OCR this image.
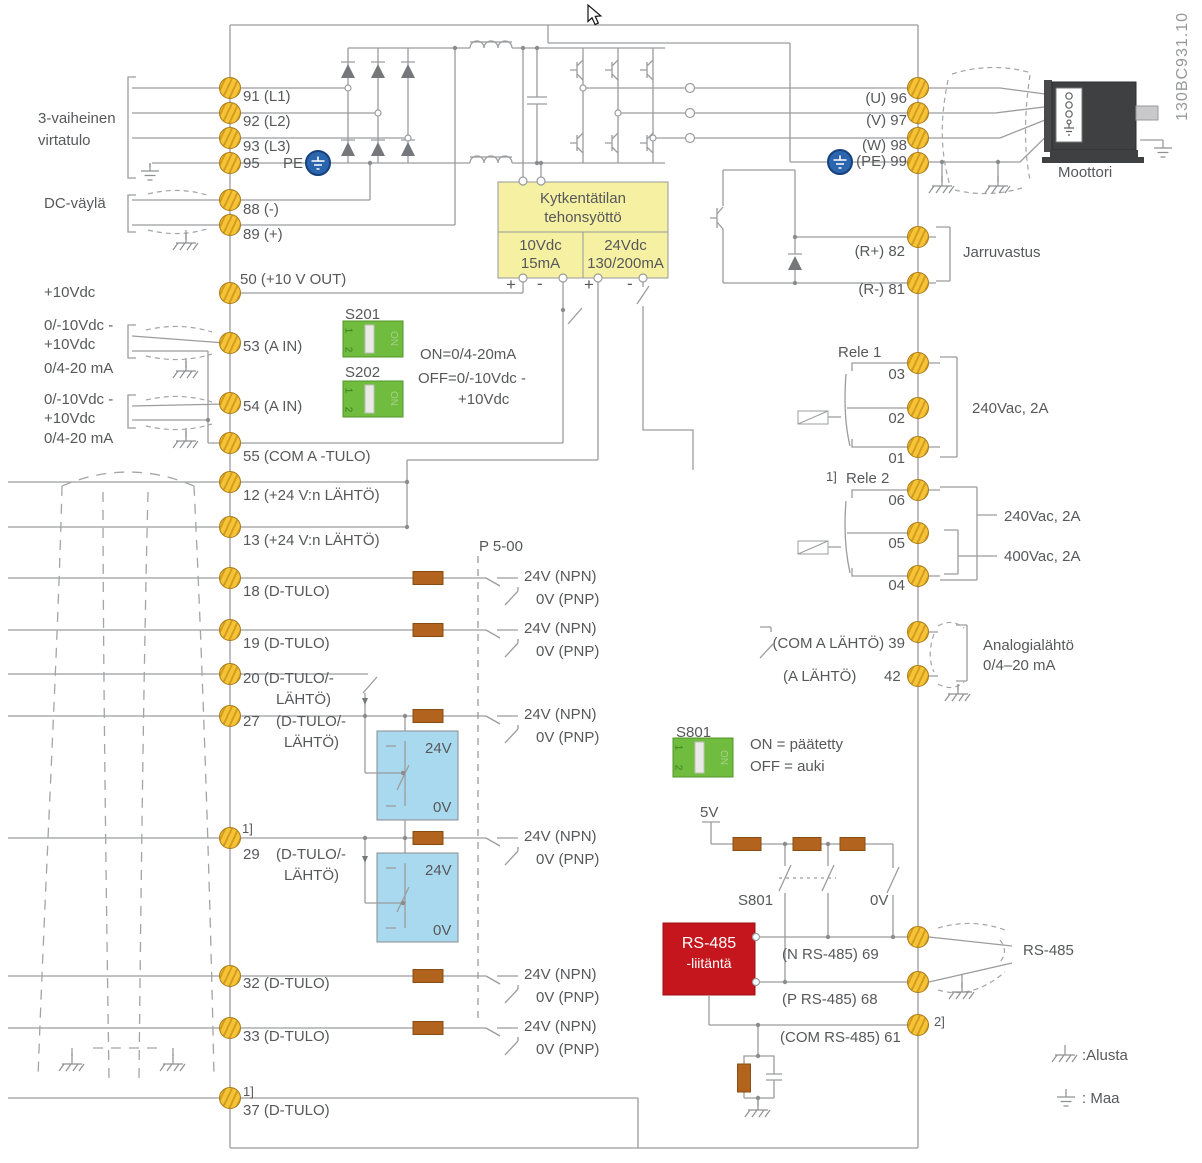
3-vaiheinen
virtatulo
DC-väylä
+10Vdc
0/-10Vdc -
+10Vdc
0/4-20 mA
0/-10Vdc -
+10Vdc
0/4-20 mA
91 (L1)
92 (L2)
93 (L3)
95 PE
88 (-)
89 (+)
50 (+10 V OUT)
53 (A IN)
54 (A IN)
55 (COM A -TULO)
12 (+24 V:n LÄHTÖ)
13 (+24 V:n LÄHTÖ)
18 (D-TULO)
19 (D-TULO)
20 (D-TULO/-
LÄHTÖ)
27 (D-TULO/-
LÄHTÖ)
1]
29 (D-TULO/-
LÄHTÖ)
32 (D-TULO)
33 (D-TULO)
1]
37 (D-TULO)
Kytkentätilan
tehonsyöttö
10Vdc
15mA
24Vdc
130/200mA
+ - + -
S201
S202
ON=0/4-20mA
OFF=0/-10Vdc -
+10Vdc
P 5-00
24V
0V
24V
0V
1
2
ON
1
2
ON
1
2
ON
(U) 96
(V) 97
(W) 98
(PE) 99
Moottori
(R+) 82
(R-) 81
Jarruvastus
Rele 1
03
02
01
240Vac, 2A
1] Rele 2
06
05
04
240Vac, 2A
400Vac, 2A
(COM A LÄHTÖ) 39
(A LÄHTÖ) 42
Analogialähtö
0/4–20 mA
S801
ON = päätetty
OFF = auki
5V
S801	0V
RS-485
-liitäntä	(N RS-485) 69
(P RS-485) 68
(COM RS-485) 61
2]
RS-485
:Alusta
: Maa
130BC931.10
24V (NPN)
0V (PNP)
24V (NPN)
0V (PNP)
24V (NPN)
0V (PNP)
24V (NPN)
0V (PNP)
24V (NPN)
0V (PNP)
24V (NPN)
0V (PNP)
